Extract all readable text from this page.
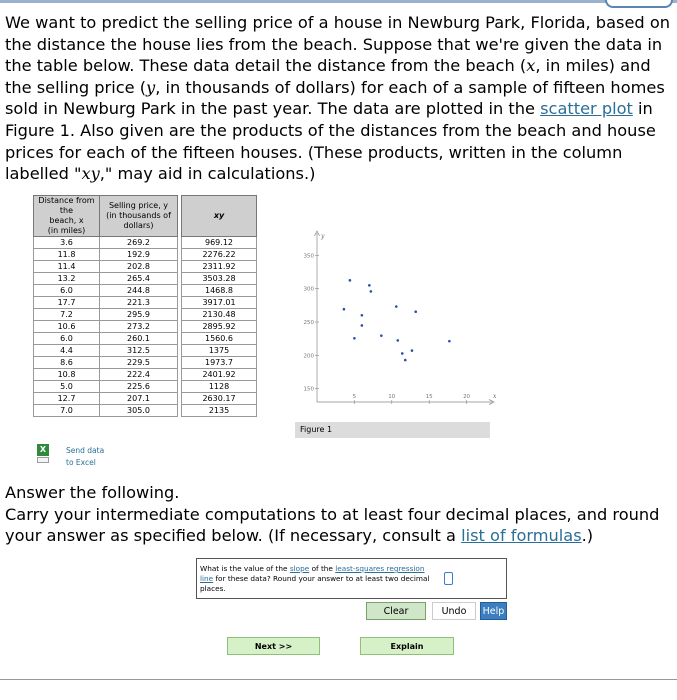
We want to predict the selling price of a house in Newburg Park, Florida, based on the distance the house lies from the beach. Suppose that we're given the data in the table below. These data detail the distance from the beach (x, in miles) and the selling price (y, in thousands of dollars) for each of a sample of fifteen homes sold in Newburg Park in the past year. The data are plotted in the scatter plot in Figure 1. Also given are the products of the distances from the beach and house prices for each of the fifteen houses. (These products, written in the column labelled "xy," may aid in calculations.)

Distance from the
beach, x
(in miles)	Selling price, y
(in thousands of
dollars)		xy
3.6	269.2		969.12
11.8	192.9		2276.22
11.4	202.8		2311.92
13.2	265.4		3503.28
6.0	244.8		1468.8
17.7	221.3		3917.01
7.2	295.9		2130.48
10.6	273.2		2895.92
6.0	260.1		1560.6
4.4	312.5		1375
8.6	229.5		1973.7
10.8	222.4		2401.92
5.0	225.6		1128
12.7	207.1		2630.17
7.0	305.0		2135
X	Send data
to Excel
y
x
5	10	15	20
150
200
250
300
350
Figure 1

Answer the following.
Carry your intermediate computations to at least four decimal places, and round your answer as specified below. (If necessary, consult a list of formulas.)

What is the value of the slope of the least-squares regression line for these data? Round your answer to at least two decimal places.
Clear	Undo	Help
Next >>	Explain
